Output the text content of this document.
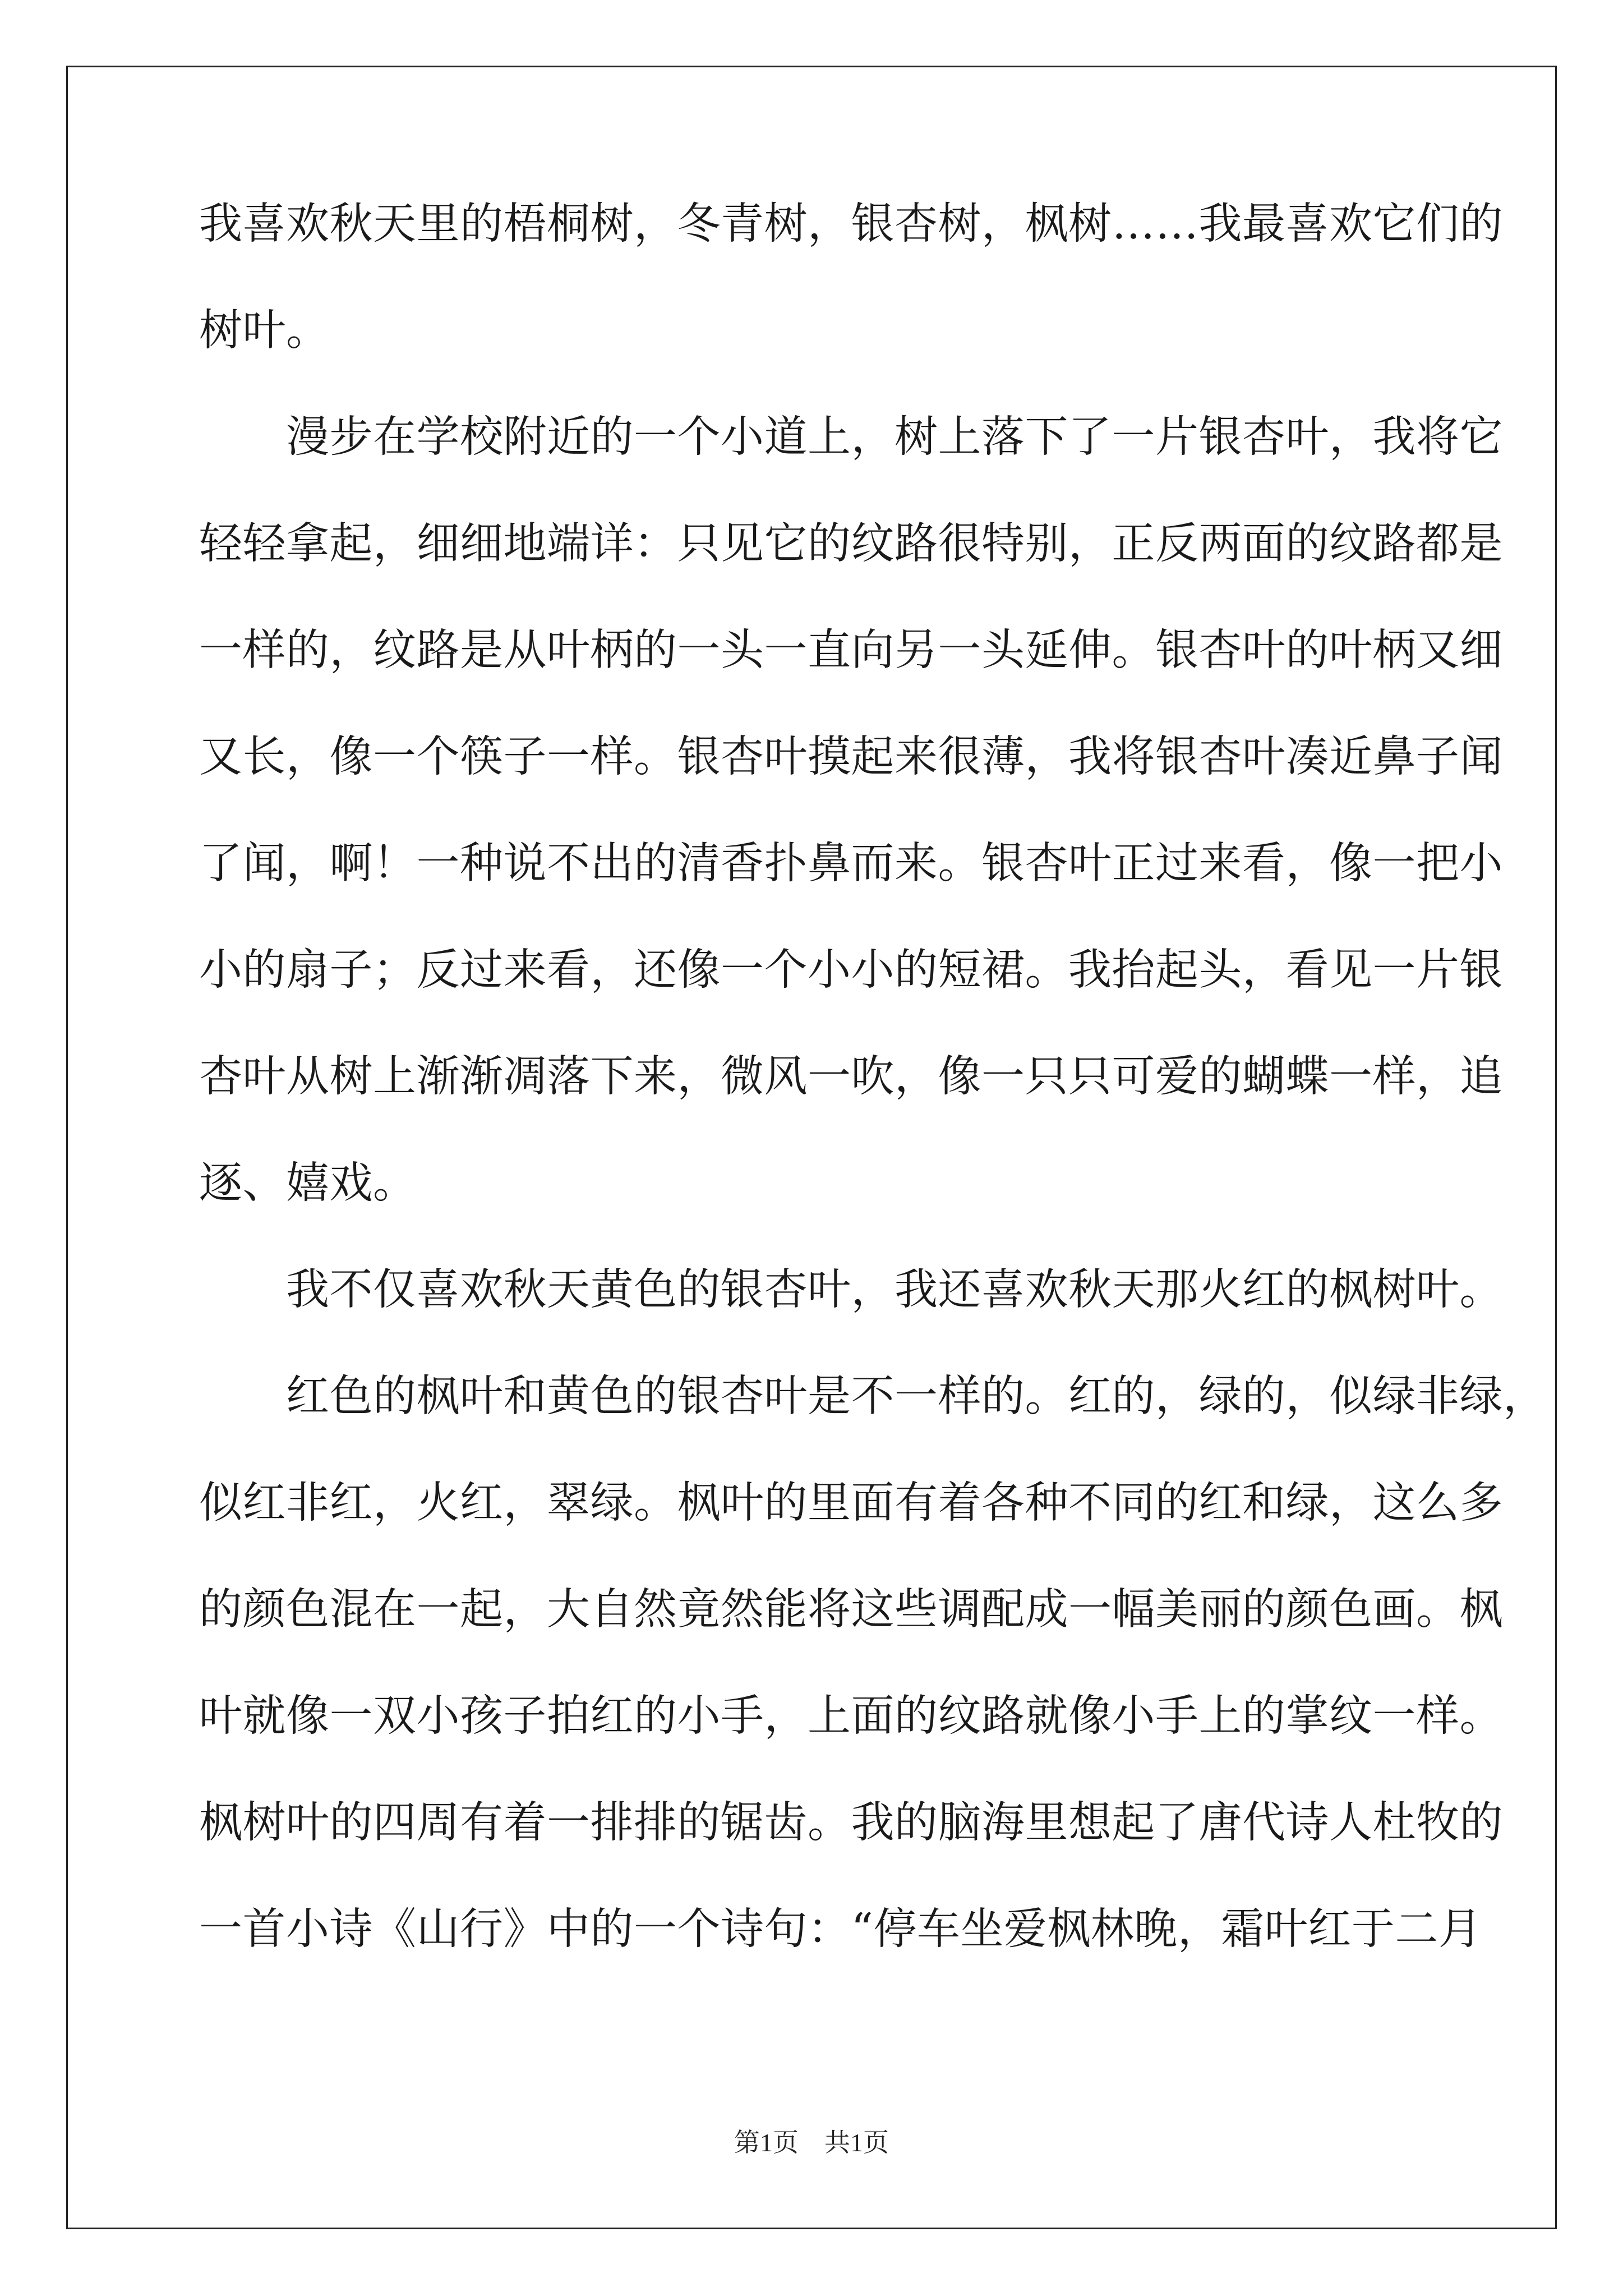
我喜欢秋天里的梧桐树，冬青树，银杏树，枫树……我最喜欢它们的
树叶。
　　漫步在学校附近的一个小道上，树上落下了一片银杏叶，我将它
轻轻拿起，细细地端详：只见它的纹路很特别，正反两面的纹路都是
一样的，纹路是从叶柄的一头一直向另一头延伸。银杏叶的叶柄又细
又长，像一个筷子一样。银杏叶摸起来很薄，我将银杏叶凑近鼻子闻
了闻，啊！一种说不出的清香扑鼻而来。银杏叶正过来看，像一把小
小的扇子；反过来看，还像一个小小的短裙。我抬起头，看见一片银
杏叶从树上渐渐凋落下来，微风一吹，像一只只可爱的蝴蝶一样，追
逐、嬉戏。
　　我不仅喜欢秋天黄色的银杏叶，我还喜欢秋天那火红的枫树叶。
　　红色的枫叶和黄色的银杏叶是不一样的。红的，绿的，似绿非绿，
似红非红，火红，翠绿。枫叶的里面有着各种不同的红和绿，这么多
的颜色混在一起，大自然竟然能将这些调配成一幅美丽的颜色画。枫
叶就像一双小孩子拍红的小手，上面的纹路就像小手上的掌纹一样。
枫树叶的四周有着一排排的锯齿。我的脑海里想起了唐代诗人杜牧的
一首小诗《山行》中的一个诗句：“停车坐爱枫林晚，霜叶红于二月
第1页 共1页
